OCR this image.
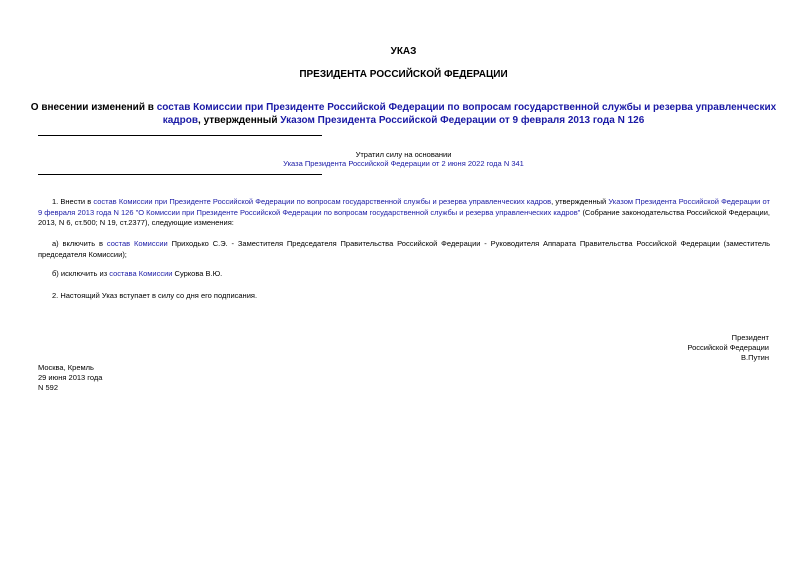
УКАЗ
ПРЕЗИДЕНТА РОССИЙСКОЙ ФЕДЕРАЦИИ
О внесении изменений в состав Комиссии при Президенте Российской Федерации по вопросам государственной службы и резерва управленческих кадров, утвержденный Указом Президента Российской Федерации от 9 февраля 2013 года N 126
Утратил силу на основании
Указа Президента Российской Федерации от 2 июня 2022 года N 341
1. Внести в состав Комиссии при Президенте Российской Федерации по вопросам государственной службы и резерва управленческих кадров, утвержденный Указом Президента Российской Федерации от 9 февраля 2013 года N 126 "О Комиссии при Президенте Российской Федерации по вопросам государственной службы и резерва управленческих кадров" (Собрание законодательства Российской Федерации, 2013, N 6, ст.500; N 19, ст.2377), следующие изменения:
а) включить в состав Комиссии Приходько С.Э. - Заместителя Председателя Правительства Российской Федерации - Руководителя Аппарата Правительства Российской Федерации (заместитель председателя Комиссии);
б) исключить из состава Комиссии Суркова В.Ю.
2. Настоящий Указ вступает в силу со дня его подписания.
Президент
Российской Федерации
В.Путин
Москва, Кремль
29 июня 2013 года
N 592
